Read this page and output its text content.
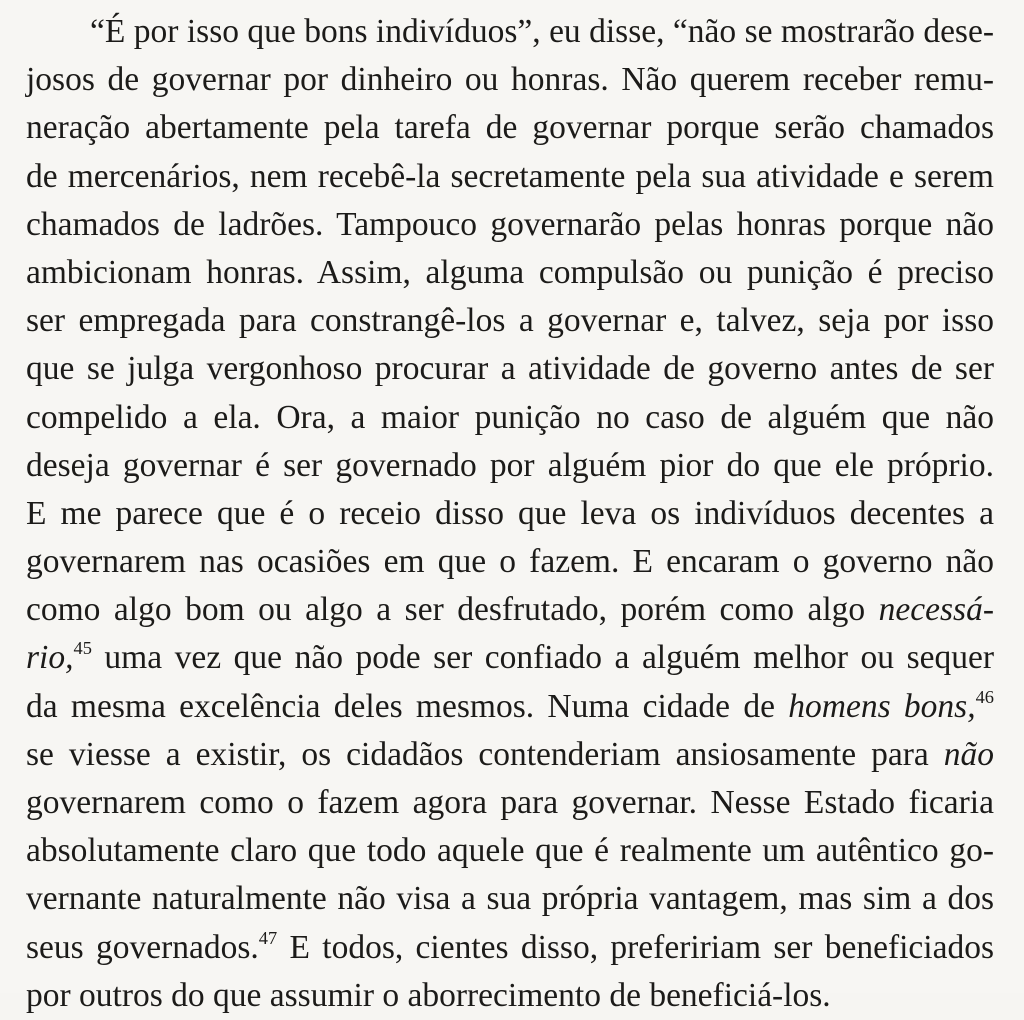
“É por isso que bons indivíduos”, eu disse, “não se mostrarão dese-
josos de governar por dinheiro ou honras. Não querem receber remu-
neração abertamente pela tarefa de governar porque serão chamados
de mercenários, nem recebê-la secretamente pela sua atividade e serem
chamados de ladrões. Tampouco governarão pelas honras porque não
ambicionam honras. Assim, alguma compulsão ou punição é preciso
ser empregada para constrangê-los a governar e, talvez, seja por isso
que se julga vergonhoso procurar a atividade de governo antes de ser
compelido a ela. Ora, a maior punição no caso de alguém que não
deseja governar é ser governado por alguém pior do que ele próprio.
E me parece que é o receio disso que leva os indivíduos decentes a
governarem nas ocasiões em que o fazem. E encaram o governo não
como algo bom ou algo a ser desfrutado, porém como algo necessá-
rio,$^{45}$ uma vez que não pode ser confiado a alguém melhor ou sequer
da mesma excelência deles mesmos. Numa cidade de homens bons,$^{46}$
se viesse a existir, os cidadãos contenderiam ansiosamente para não
governarem como o fazem agora para governar. Nesse Estado ficaria
absolutamente claro que todo aquele que é realmente um autêntico go-
vernante naturalmente não visa a sua própria vantagem, mas sim a dos
seus governados.$^{47}$ E todos, cientes disso, prefeririam ser beneficiados
por outros do que assumir o aborrecimento de beneficiá-los.
